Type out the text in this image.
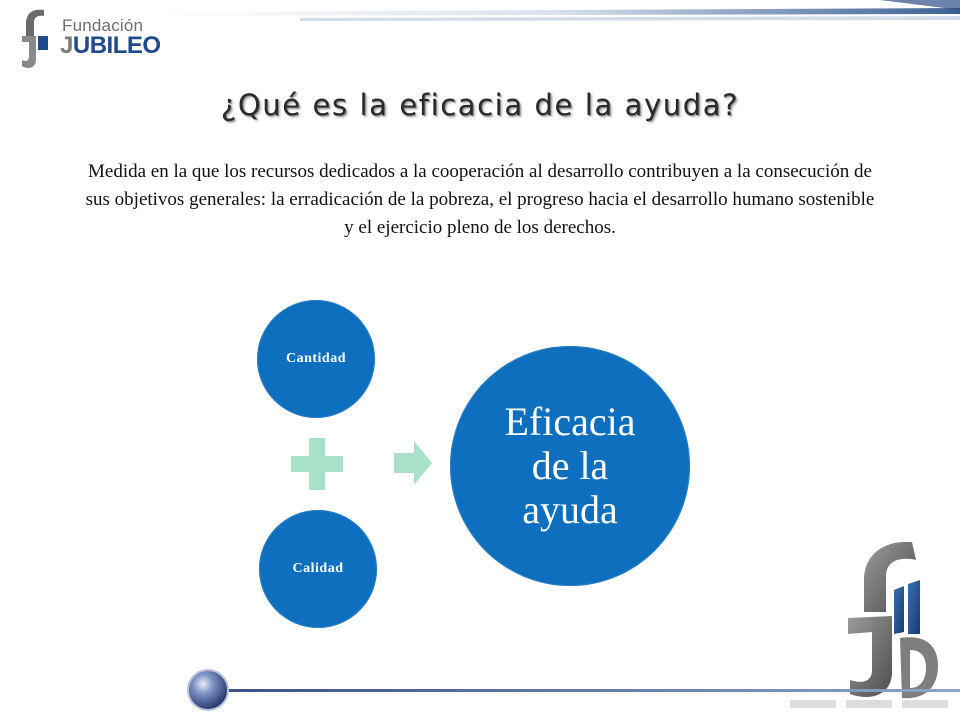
Fundación
JUBILEO
¿Qué es la eficacia de la ayuda?
Medida en la que los recursos dedicados a la cooperación al desarrollo contribuyen a la consecución de sus objetivos generales: la erradicación de la pobreza, el progreso hacia el desarrollo humano sostenible y el ejercicio pleno de los derechos.
Cantidad
Calidad
Eficacia
de la
ayuda
